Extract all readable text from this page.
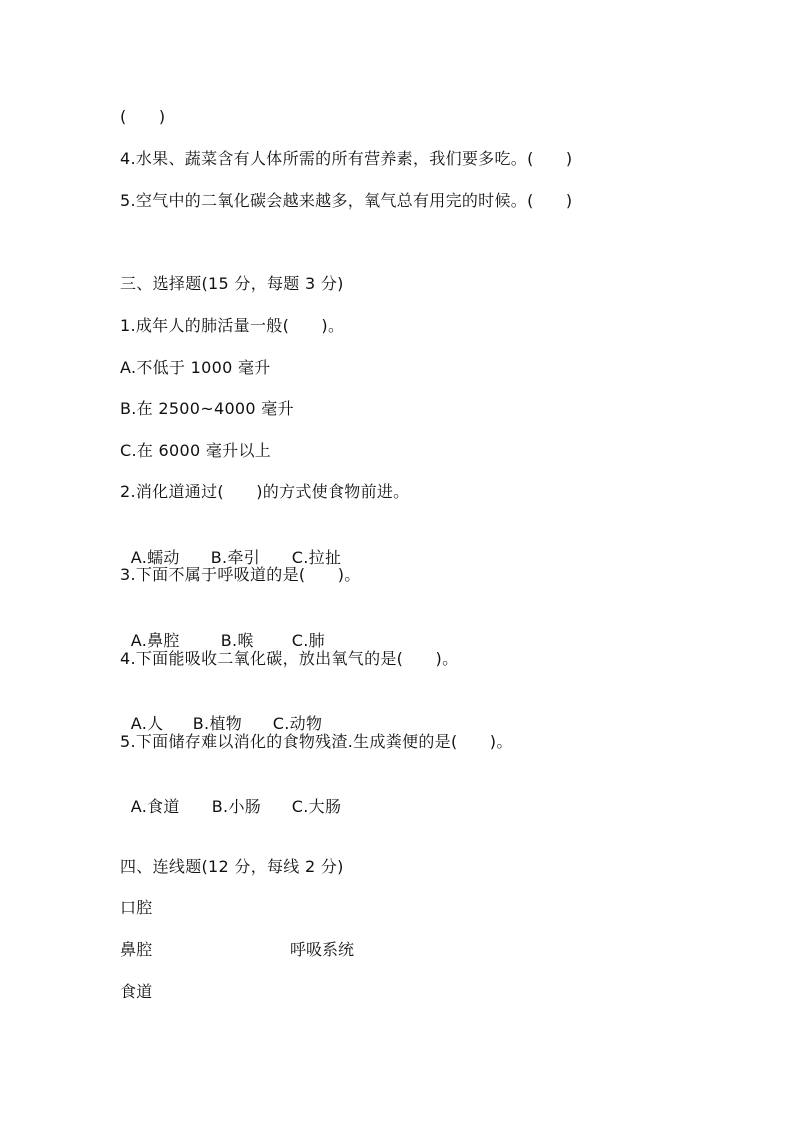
(      )
4.水果、蔬菜含有人体所需的所有营养素，我们要多吃。(      )
5.空气中的二氧化碳会越来越多，氧气总有用完的时候。(      )
三、选择题(15 分，每题 3 分)
1.成年人的肺活量一般(      )。
A.不低于 1000 毫升
B.在 2500~4000 毫升
C.在 6000 毫升以上
2.消化道通过(      )的方式使食物前进。

A.蠕动 B.牵引 C.拉扯

3.下面不属于呼吸道的是(      )。

A.鼻腔	B.喉 C.肺

4.下面能吸收二氧化碳，放出氧气的是(      )。

A.人 B.植物 C.动物

5.下面储存难以消化的食物残渣.生成粪便的是(      )。

A.食道 B.小肠 C.大肠

四、连线题(12 分，每线 2 分)
口腔
鼻腔	呼吸系统
食道
